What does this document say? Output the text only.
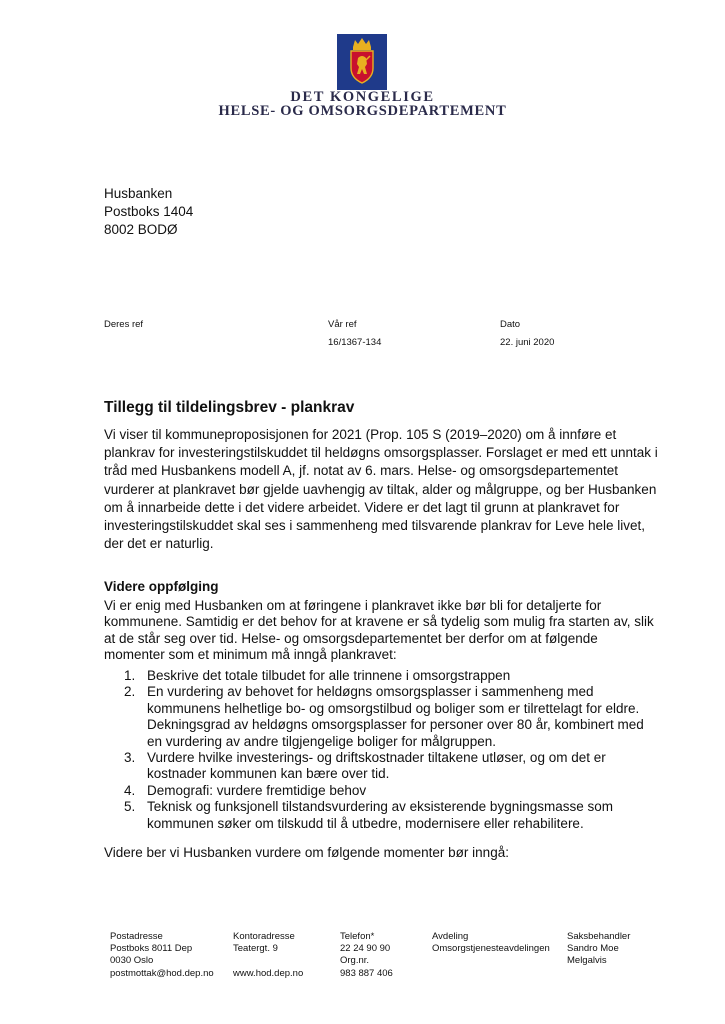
DET KONGELIGE
HELSE- OG OMSORGSDEPARTEMENT
Husbanken
Postboks 1404
8002 BODØ
Deres ref	Vår ref
16/1367-134
Dato
22. juni 2020
Tillegg til tildelingsbrev - plankrav
Vi viser til kommuneproposisjonen for 2021 (Prop. 105 S (2019–2020) om å innføre et plankrav for investeringstilskuddet til heldøgns omsorgsplasser. Forslaget er med ett unntak i tråd med Husbankens modell A, jf. notat av 6. mars. Helse- og omsorgsdepartementet vurderer at plankravet bør gjelde uavhengig av tiltak, alder og målgruppe, og ber Husbanken om å innarbeide dette i det videre arbeidet. Videre er det lagt til grunn at plankravet for investeringstilskuddet skal ses i sammenheng med tilsvarende plankrav for Leve hele livet, der det er naturlig.
Videre oppfølging
Vi er enig med Husbanken om at føringene i plankravet ikke bør bli for detaljerte for kommunene. Samtidig er det behov for at kravene er så tydelig som mulig fra starten av, slik at de står seg over tid. Helse- og omsorgsdepartementet ber derfor om at følgende momenter som et minimum må inngå plankravet:
1. Beskrive det totale tilbudet for alle trinnene i omsorgstrappen
2. En vurdering av behovet for heldøgns omsorgsplasser i sammenheng med kommunens helhetlige bo- og omsorgstilbud og boliger som er tilrettelagt for eldre. Dekningsgrad av heldøgns omsorgsplasser for personer over 80 år, kombinert med en vurdering av andre tilgjengelige boliger for målgruppen.
3. Vurdere hvilke investerings- og driftskostnader tiltakene utløser, og om det er kostnader kommunen kan bære over tid.
4. Demografi: vurdere fremtidige behov
5. Teknisk og funksjonell tilstandsvurdering av eksisterende bygningsmasse som kommunen søker om tilskudd til å utbedre, modernisere eller rehabilitere.
Videre ber vi Husbanken vurdere om følgende momenter bør inngå:
Postadresse
Postboks 8011 Dep
0030 Oslo
postmottak@hod.dep.no
Kontoradresse
Teatergt. 9
www.hod.dep.no
Telefon*
22 24 90 90
Org.nr.
983 887 406
Avdeling
Omsorgstjenesteavdelingen
Saksbehandler
Sandro Moe
Melgalvis
